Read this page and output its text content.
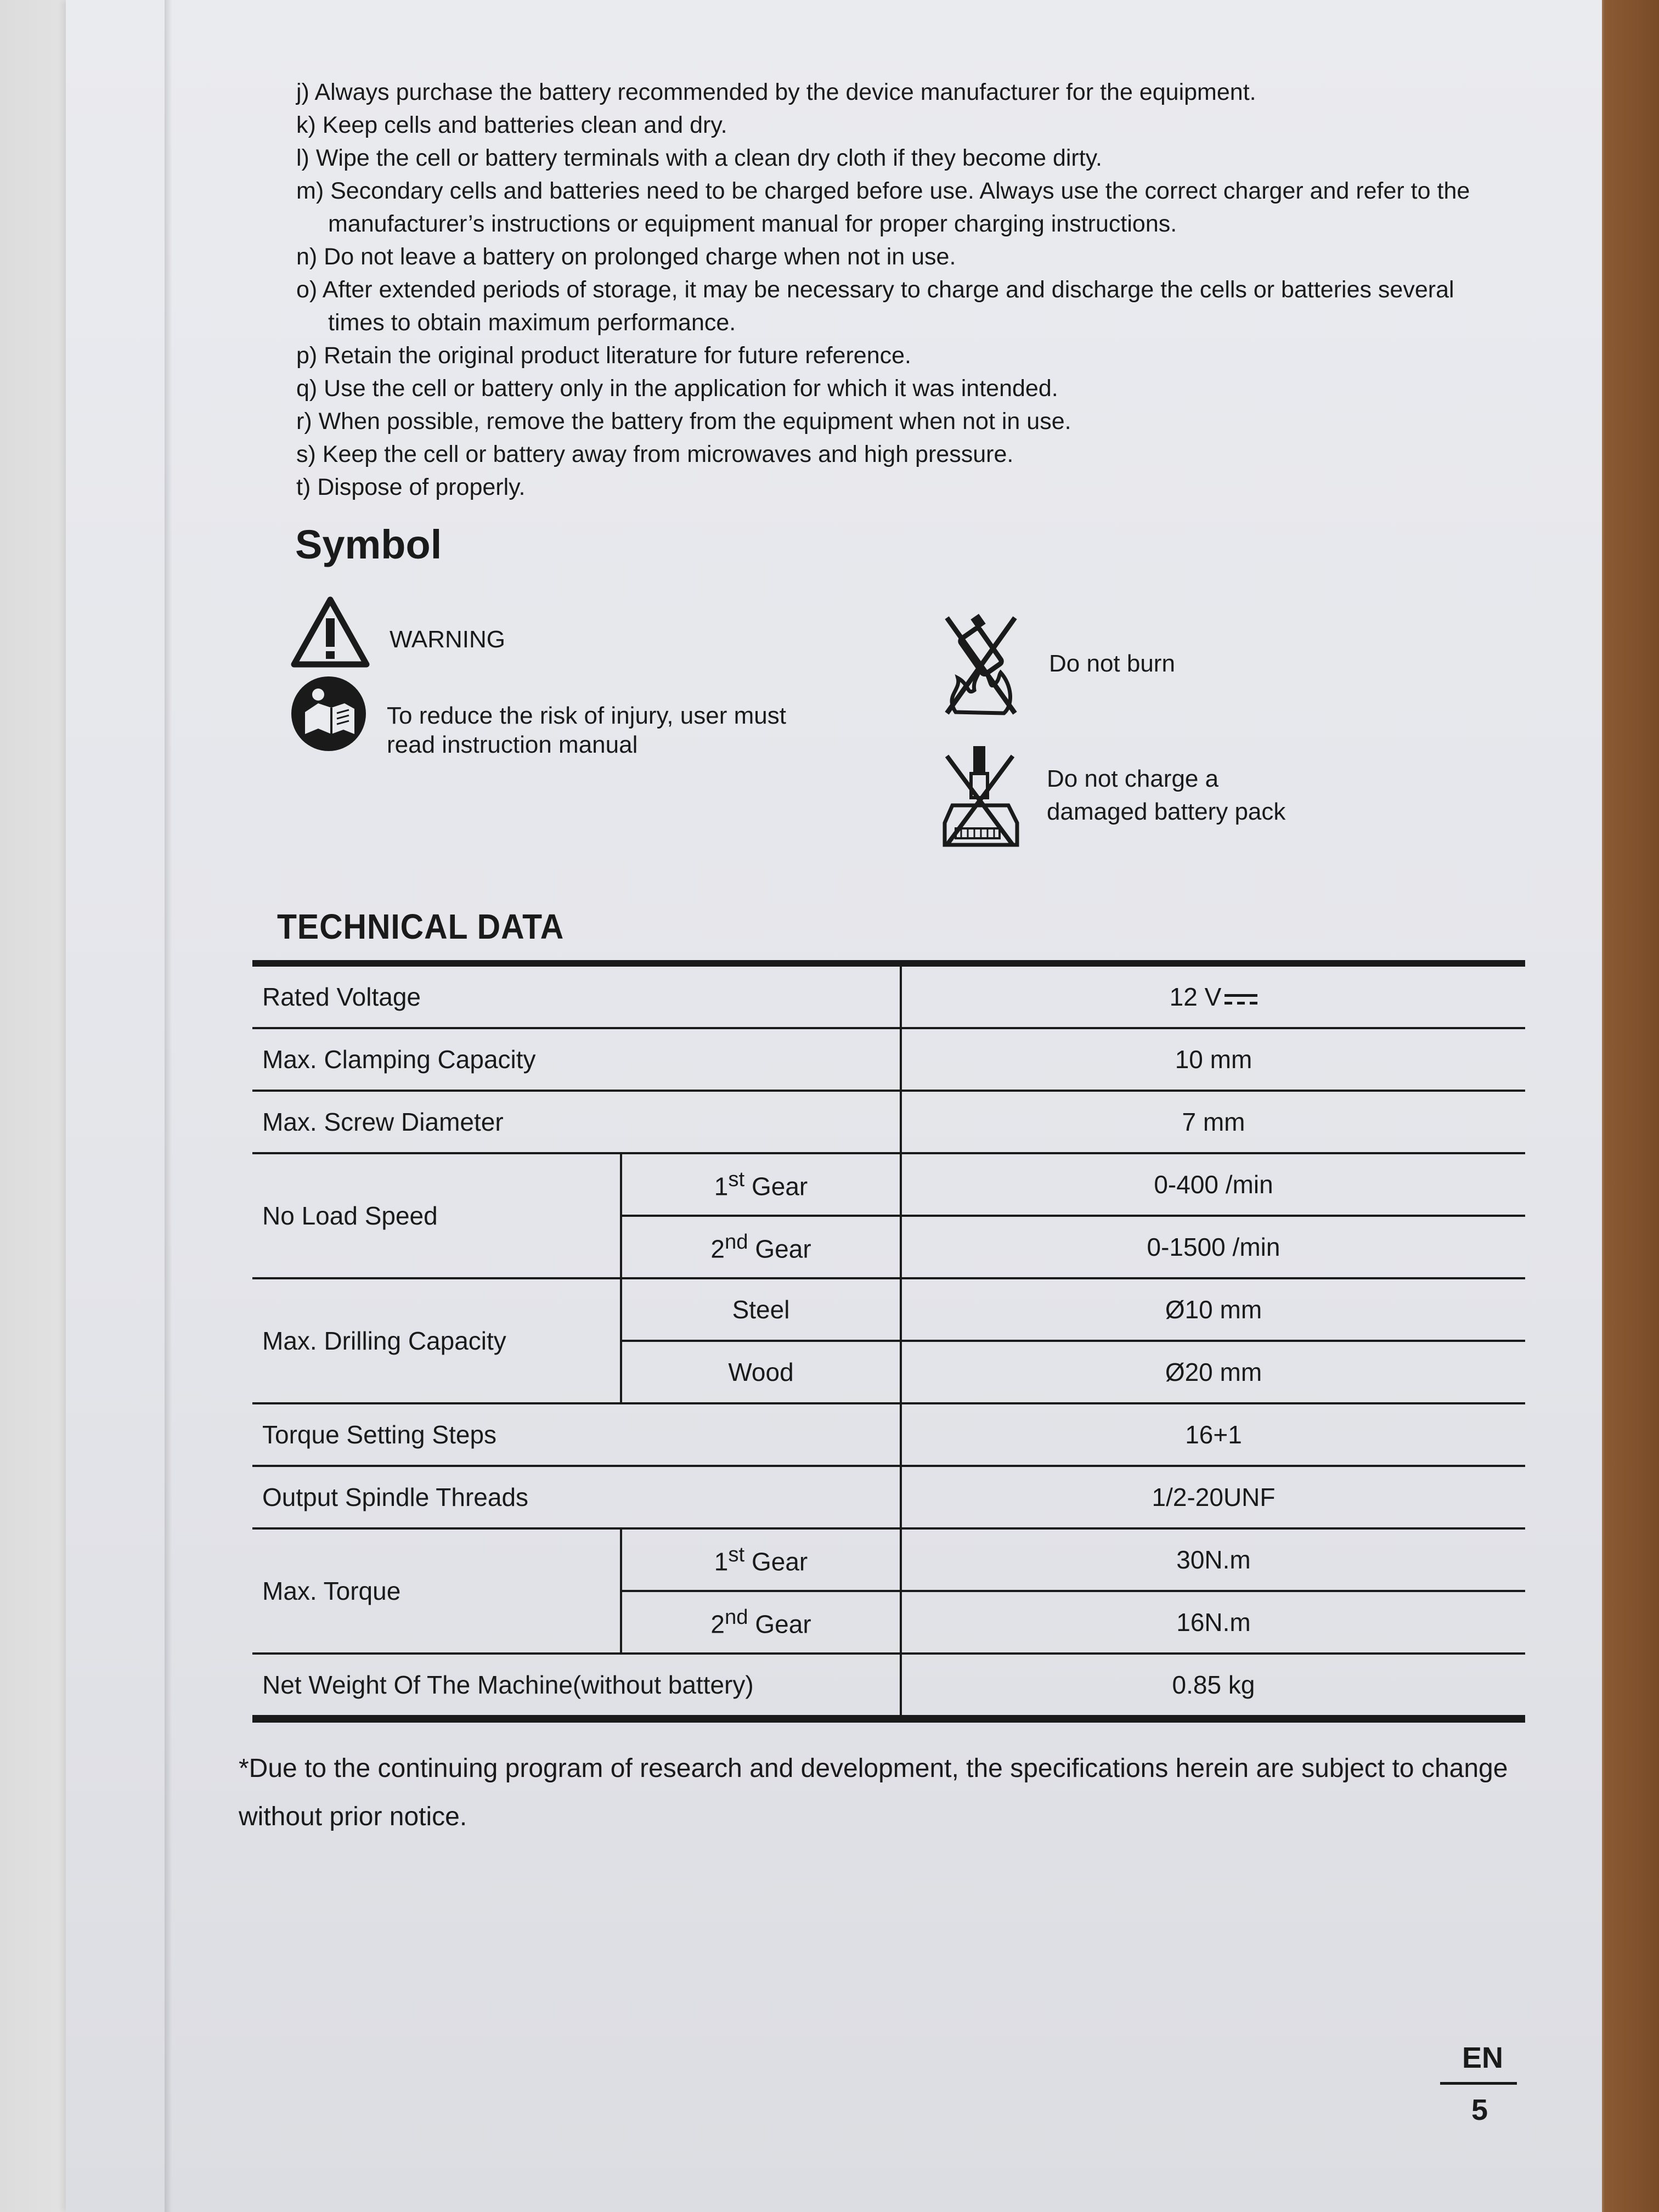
j) Always purchase the battery recommended by the device manufacturer for the equipment.
k) Keep cells and batteries clean and dry.
l) Wipe the cell or battery terminals with a clean dry cloth if they become dirty.
m) Secondary cells and batteries need to be charged before use. Always use the correct charger and refer to the
manufacturer’s instructions or equipment manual for proper charging instructions.
n) Do not leave a battery on prolonged charge when not in use.
o) After extended periods of storage, it may be necessary to charge and discharge the cells or batteries several
times to obtain maximum performance.
p) Retain the original product literature for future reference.
q) Use the cell or battery only in the application for which it was intended.
r) When possible, remove the battery from the equipment when not in use.
s) Keep the cell or battery away from microwaves and high pressure.
t) Dispose of properly.
Symbol
WARNING
To reduce the risk of injury, user must
read instruction manual
Do not burn
Do not charge a
damaged battery pack
TECHNICAL DATA
Rated Voltage		12 V
Max. Clamping Capacity		10 mm
Max. Screw Diameter		7 mm
No Load Speed	1st Gear	0-400 /min
	2nd Gear	0-1500 /min
Max. Drilling Capacity	Steel	Ø10 mm
	Wood	Ø20 mm
Torque Setting Steps		16+1
Output Spindle Threads		1/2-20UNF
Max. Torque	1st Gear	30N.m
	2nd Gear	16N.m
Net Weight Of The Machine(without battery)		0.85 kg
*Due to the continuing program of research and development, the specifications herein are subject to change without prior notice.
EN
5
